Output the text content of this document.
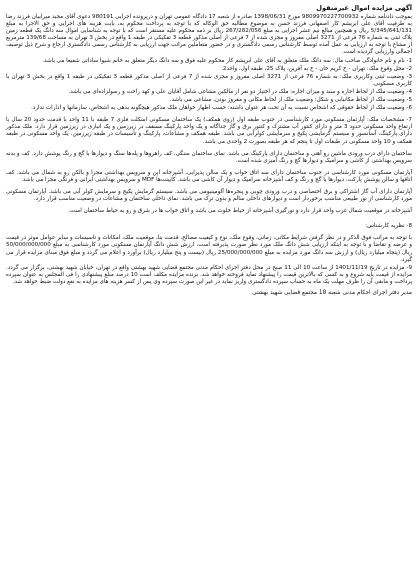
آگهی مزایده اموال غیرمنقول
بموجب دادنامه شماره 9809970227700932 مورخ 1398/06/31 صادره از شعبه 17 دادگاه عمومی تهران و درپرونده اجرایی 980191 دعوی آقای مجید میرابیان فرزند رضا به طرفیت آقای علی ابریشم کار اصفهانی فرزند حسن به موضوع مطالبه حق الوکاله که با توجه به پرداخت محکوم به، بابت هزینه های اجرایی و حق الاجرا به مبلغ 5/345/641/131 ریال و همچنین مبالغ نیم عشر اجرایی به مبلغ 267/282/056 ریال بر ذمه محکوم علیه مستقر است که با توجه به شناسایی اموال سه دانگ یک قطعه زمین پلاک ثبتی به شماره 76 فرعی از 3271 اصلی مفروز و مجزی شده از 7 فرعی از اصلی مذکور قطعه 3 تفکیکی در طبقه 1 واقع در بخش 3 تهران به مساحت 139/68 مترمربع از مشاع با توجه به ارزیابی به عمل آمده توسط کارشناس رسمی دادگستری و در حضور متعاملین مراتب جهت ارزیابی به کارشناس رسمی دادگستری ارجاع و شرح ذیل توصیف اجمالی وارزیابی گردیده است.
1- نام و نام خانوادگی صاحب مال: سه دانگ ملک متعلق به آقای علی ابریشم کار محکوم علیه فوق و سه دانگ دیگر متعلق به خانم شیوا ساداتی شفیعا می باشد.
2- محل وقوع ملک: تهران - خ کریم خان - خ به آفرین، پلاک 25، طبقه اول، واحد2.
3- وضعیت ثبتی وکاربری ملک: به شماره 76 فرعی از 3271 اصلی مفروز و مجزی شده از 7 فرعی از اصلی مذکور قطعه 3 تفکیکی در طبقه 1 واقع در بخش 3 تهران با کاربری مسکونی.
4- وضعیت ملک از لحاظ اجاره و سند و میزان اجاره: ملک در اختیار دو نفر از مالکین مشاعی شامل آقایان علی و کهد راحت و رسولزاده‌ای می باشد.
5- وضعیت ملک از لحاظ مکانیابی و شکل: وضعیت ملک از لحاظ مکانی و مفروز بودن، مشاعی می باشد.
6- وضعیت ملک از لحاظ حقوقی که اشخاص نسبت به آن تحت هر عنوان داشته: حسب اظهار خواهان ملک مذکور هیچگونه بدهی به اشخاص، سازمانها و ادارات ندارد.
7- مشخصات ملک: آپارتمان مسکونی مورد کارشناسی در جنوب طبقه اول (روی همکف) یک ساختمان مسکونی اسکلت فلزی 7 طبقه با 11 واحد با قدمت حدود 20 سال با ارتفاع واحد مسکونی حدود 3 متر و دارای کنتور آب مشترک و کنتور برق و گاز جداگانه و یک واحد پارکینگ مسقف در زیرزمین و یک انباری در زیرزمین قرار دارد. ملک مذکور دارای پارکینگ، آسانسور و سیستم گرمایشی پکیج و سرمایشی کولرآبی می باشد. طبقه همکف و مشاعات، پارکینگ و تاسیسات در طبقه زیرزمین، یک واحد مسکونی در طبقه همکف و 10 واحد مسکونی در طبقات اول تا پنجم که هر طبقه بصورت 2 واحدی می باشد.
ساختمان دارای درب ورودی ماشین رو آهنی و ساختمان دارای پارکینگ می باشد. نمای ساختمان سنگی، کف راهروها و پله‌ها سنگ و دیوارها با گچ و رنگ پوشش دارد. کف و بدنه سرویس بهداشتی از کاشی و سرامیک و دیوارها گچ و رنگ آمیزی شده است.
آپارتمان مسکونی مورد کارشناسی در جنوب ساختمان دارای سه اتاق خواب و یک سالن پذیرایی، آشپزخانه اپن و سرویس بهداشتی مجزا و بالکن رو به شمال می باشد. کف اتاقها و سالن پوشش پارکت، دیوارها با گچ و رنگ و کف آشپزخانه سرامیک و دیوار آن کاشی می باشد. کابینت‌ها MDF و سرویس بهداشتی ایرانی و فرنگی مجزا می باشد.
آپارتمان دارای آب گاز اشتراکی و برق اختصاصی و درب ورودی چوبی و پنجره‌ها آلومینیومی می باشد. سیستم گرمایش پکیج و سرمایش کولر آبی می باشد. آپارتمان مسکونی مورد کارشناسی از نور طبیعی مناسب برخوردار است و دیوارهای داخلی سالم و بدون ترک می باشد. نمای داخلی ساختمان و مشاعات در وضعیت مناسب قرار دارد.
آشپزخانه در موقعیت شمال غرب واحد قرار دارد و نورگیری آشپزخانه از حیاط خلوت می باشد و اتاق خواب ها در شرق و رو به حیاط ساختمان است.
8- نظریه کارشناس:
با توجه به مراتب فوق الذکر و در نظر گرفتن شرایط مکانی، زمانی، وقوع ملک، نوع و کیفیت مصالح، قدمت بنا، موقعیت ملک، امکانات و تاسیسات و سایر عوامل موثر در قیمت و عرضه و تقاضا و با توجه به اینکه ارزیابی شش دانگ ملک مورد نظر صورت پذیرفته است، ارزش شش دانگ آپارتمان مسکونی مورد کارشناسی به مبلغ 50/000/000/000 ریال (پنجاه میلیارد ریال) و ارزش سه دانگ مورد مزایده به مبلغ 25/000/000/000 ریال (بیست و پنج میلیارد ریال) برآورد و اعلام می گردد و مبلغ فوق مبنای مزایده قرار می گیرد.
9- مزایده در تاریخ 1401/11/19 از ساعت 10 الی 11 صبح در محل دفتر اجرای احکام مدنی مجتمع قضایی شهید بهشتی واقع در تهران، خیابان شهید بهشتی، برگزار می گردد. مزایده از قیمت پایه شروع و به کسی که بالاترین قیمت را پیشنهاد نماید فروخته خواهد شد. برنده مزایده مکلف است 10 درصد مبلغ پیشنهادی را فی المجلس به عنوان سپرده پرداخت و مابقی آن را ظرف مهلت یک ماه به حساب سپرده دادگستری واریز نماید در غیر این صورت سپرده وی پس از کسر هزینه های مزایده به نفع دولت ضبط خواهد شد.
مدیر دفتر اجرای احکام مدنی شعبه 18 مجتمع قضایی شهید بهشتی
